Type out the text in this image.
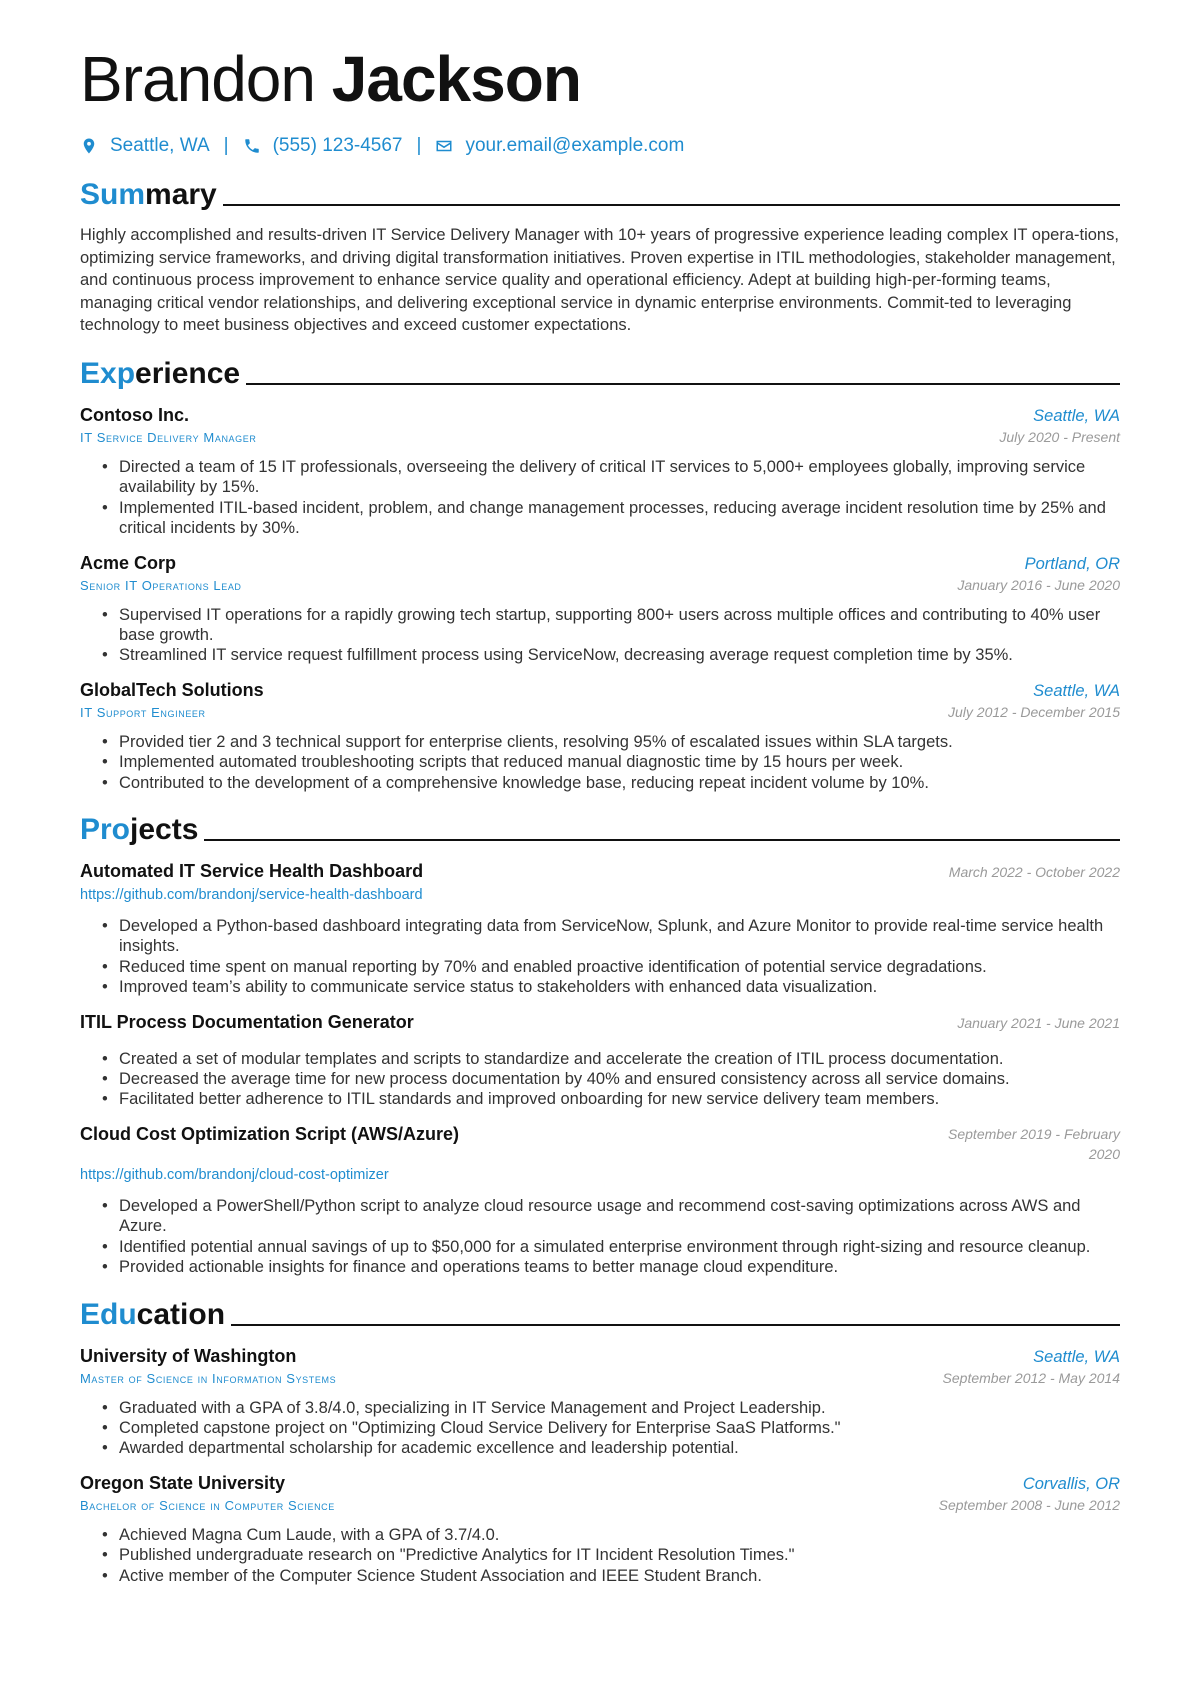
Brandon Jackson
Seattle, WA | (555) 123-4567 | your.email@example.com
Summary
Highly accomplished and results-driven IT Service Delivery Manager with 10+ years of progressive experience leading complex IT opera-tions, optimizing service frameworks, and driving digital transformation initiatives. Proven expertise in ITIL methodologies, stakeholder management, and continuous process improvement to enhance service quality and operational efficiency. Adept at building high-per-forming teams, managing critical vendor relationships, and delivering exceptional service in dynamic enterprise environments. Commit-ted to leveraging technology to meet business objectives and exceed customer expectations.
Experience
Contoso Inc.	Seattle, WA
IT Service Delivery Manager	July 2020 - Present
• Directed a team of 15 IT professionals, overseeing the delivery of critical IT services to 5,000+ employees globally, improving service availability by 15%.
• Implemented ITIL-based incident, problem, and change management processes, reducing average incident resolution time by 25% and critical incidents by 30%.
Acme Corp	Portland, OR
Senior IT Operations Lead	January 2016 - June 2020
• Supervised IT operations for a rapidly growing tech startup, supporting 800+ users across multiple offices and contributing to 40% user base growth.
• Streamlined IT service request fulfillment process using ServiceNow, decreasing average request completion time by 35%.
GlobalTech Solutions	Seattle, WA
IT Support Engineer	July 2012 - December 2015
• Provided tier 2 and 3 technical support for enterprise clients, resolving 95% of escalated issues within SLA targets.
• Implemented automated troubleshooting scripts that reduced manual diagnostic time by 15 hours per week.
• Contributed to the development of a comprehensive knowledge base, reducing repeat incident volume by 10%.
Projects
Automated IT Service Health Dashboard	March 2022 - October 2022
https://github.com/brandonj/service-health-dashboard
• Developed a Python-based dashboard integrating data from ServiceNow, Splunk, and Azure Monitor to provide real-time service health insights.
• Reduced time spent on manual reporting by 70% and enabled proactive identification of potential service degradations.
• Improved team’s ability to communicate service status to stakeholders with enhanced data visualization.
ITIL Process Documentation Generator	January 2021 - June 2021
• Created a set of modular templates and scripts to standardize and accelerate the creation of ITIL process documentation.
• Decreased the average time for new process documentation by 40% and ensured consistency across all service domains.
• Facilitated better adherence to ITIL standards and improved onboarding for new service delivery team members.
Cloud Cost Optimization Script (AWS/Azure)	September 2019 - February 2020
https://github.com/brandonj/cloud-cost-optimizer
• Developed a PowerShell/Python script to analyze cloud resource usage and recommend cost-saving optimizations across AWS and Azure.
• Identified potential annual savings of up to $50,000 for a simulated enterprise environment through right-sizing and resource cleanup.
• Provided actionable insights for finance and operations teams to better manage cloud expenditure.
Education
University of Washington	Seattle, WA
Master of Science in Information Systems	September 2012 - May 2014
• Graduated with a GPA of 3.8/4.0, specializing in IT Service Management and Project Leadership.
• Completed capstone project on "Optimizing Cloud Service Delivery for Enterprise SaaS Platforms."
• Awarded departmental scholarship for academic excellence and leadership potential.
Oregon State University	Corvallis, OR
Bachelor of Science in Computer Science	September 2008 - June 2012
• Achieved Magna Cum Laude, with a GPA of 3.7/4.0.
• Published undergraduate research on "Predictive Analytics for IT Incident Resolution Times."
• Active member of the Computer Science Student Association and IEEE Student Branch.
